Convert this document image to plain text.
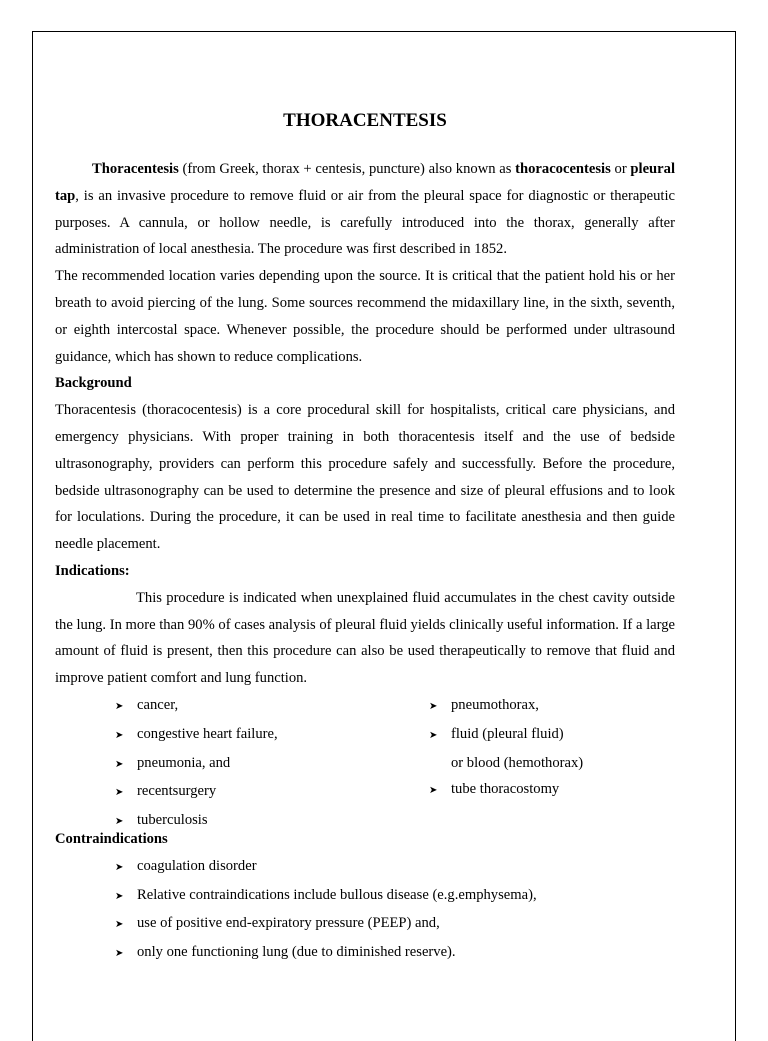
THORACENTESIS

Thoracentesis (from Greek, thorax + centesis, puncture) also known as thoracocentesis or pleural tap, is an invasive procedure to remove fluid or air from the pleural space for diagnostic or therapeutic purposes. A cannula, or hollow needle, is carefully introduced into the thorax, generally after administration of local anesthesia. The procedure was first described in 1852.

The recommended location varies depending upon the source. It is critical that the patient hold his or her breath to avoid piercing of the lung. Some sources recommend the midaxillary line, in the sixth, seventh, or eighth intercostal space. Whenever possible, the procedure should be performed under ultrasound guidance, which has shown to reduce complications.

Background

Thoracentesis (thoracocentesis) is a core procedural skill for hospitalists, critical care physicians, and emergency physicians. With proper training in both thoracentesis itself and the use of bedside ultrasonography, providers can perform this procedure safely and successfully. Before the procedure, bedside ultrasonography can be used to determine the presence and size of pleural effusions and to look for loculations. During the procedure, it can be used in real time to facilitate anesthesia and then guide needle placement.

Indications:

This procedure is indicated when unexplained fluid accumulates in the chest cavity outside the lung. In more than 90% of cases analysis of pleural fluid yields clinically useful information. If a large amount of fluid is present, then this procedure can also be used therapeutically to remove that fluid and improve patient comfort and lung function.

➤ cancer,
➤ congestive heart failure,
➤ pneumonia, and
➤ recentsurgery
➤ tuberculosis
➤ pneumothorax,
➤ fluid (pleural fluid)
or blood (hemothorax)
➤ tube thoracostomy
Contraindications
➤ coagulation disorder
➤ Relative contraindications include bullous disease (e.g.emphysema),
➤ use of positive end-expiratory pressure (PEEP) and,
➤ only one functioning lung (due to diminished reserve).
